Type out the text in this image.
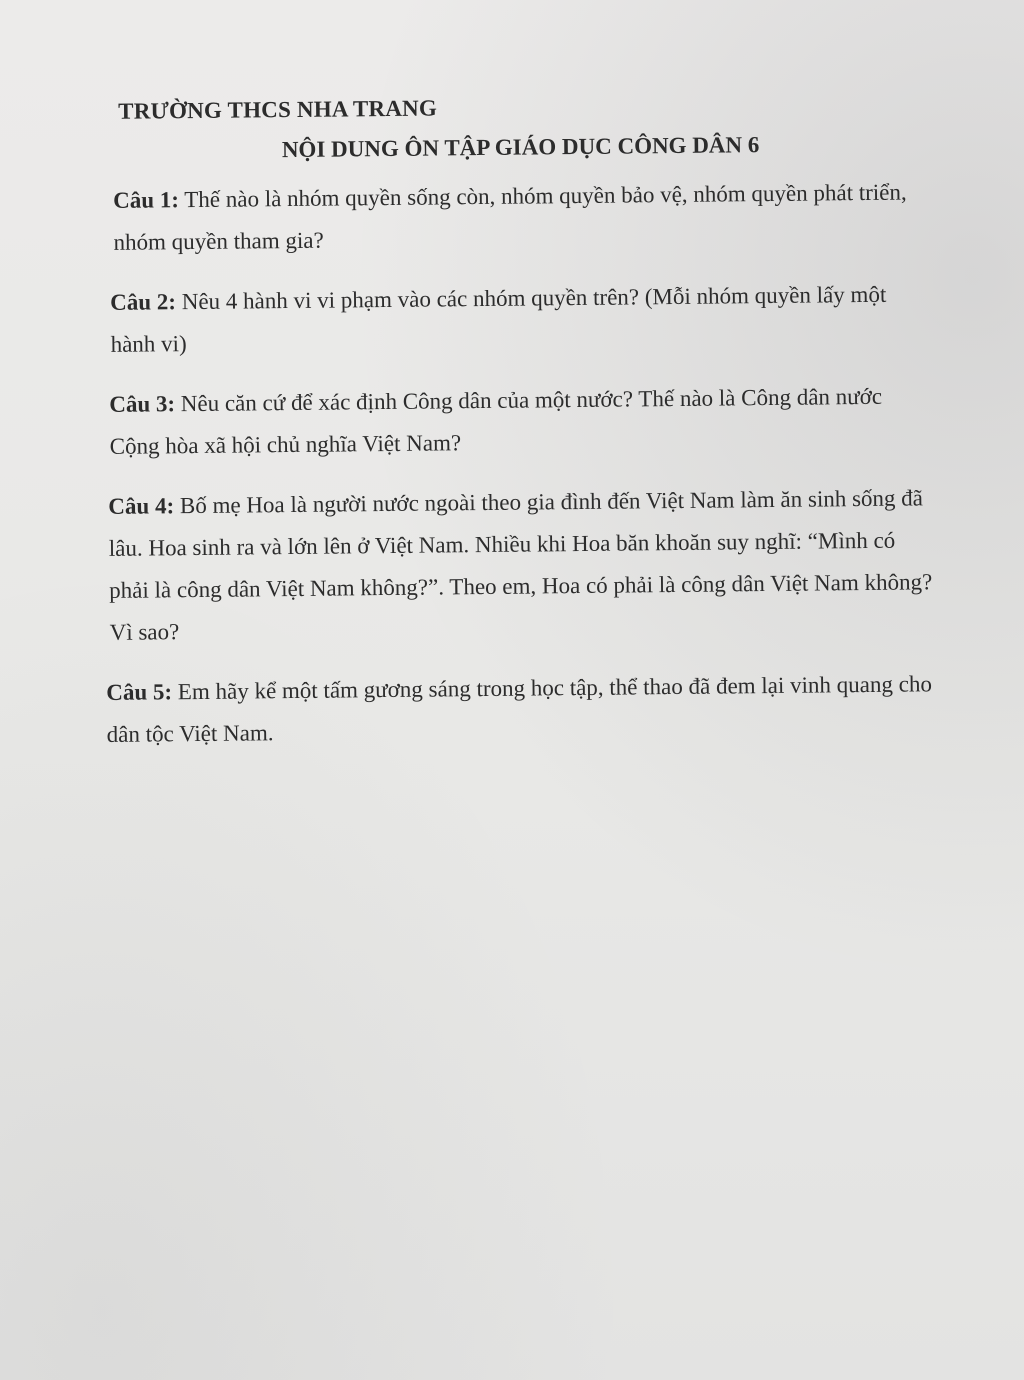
TRƯỜNG THCS NHA TRANG
NỘI DUNG ÔN TẬP GIÁO DỤC CÔNG DÂN 6

Câu 1: Thế nào là nhóm quyền sống còn, nhóm quyền bảo vệ, nhóm quyền phát triển, nhóm quyền tham gia?

Câu 2: Nêu 4 hành vi vi phạm vào các nhóm quyền trên? (Mỗi nhóm quyền lấy một hành vi)

Câu 3: Nêu căn cứ để xác định Công dân của một nước? Thế nào là Công dân nước Cộng hòa xã hội chủ nghĩa Việt Nam?

Câu 4: Bố mẹ Hoa là người nước ngoài theo gia đình đến Việt Nam làm ăn sinh sống đã lâu. Hoa sinh ra và lớn lên ở Việt Nam. Nhiều khi Hoa băn khoăn suy nghĩ: “Mình có phải là công dân Việt Nam không?”. Theo em, Hoa có phải là công dân Việt Nam không? Vì sao?

Câu 5: Em hãy kể một tấm gương sáng trong học tập, thể thao đã đem lại vinh quang cho dân tộc Việt Nam.
